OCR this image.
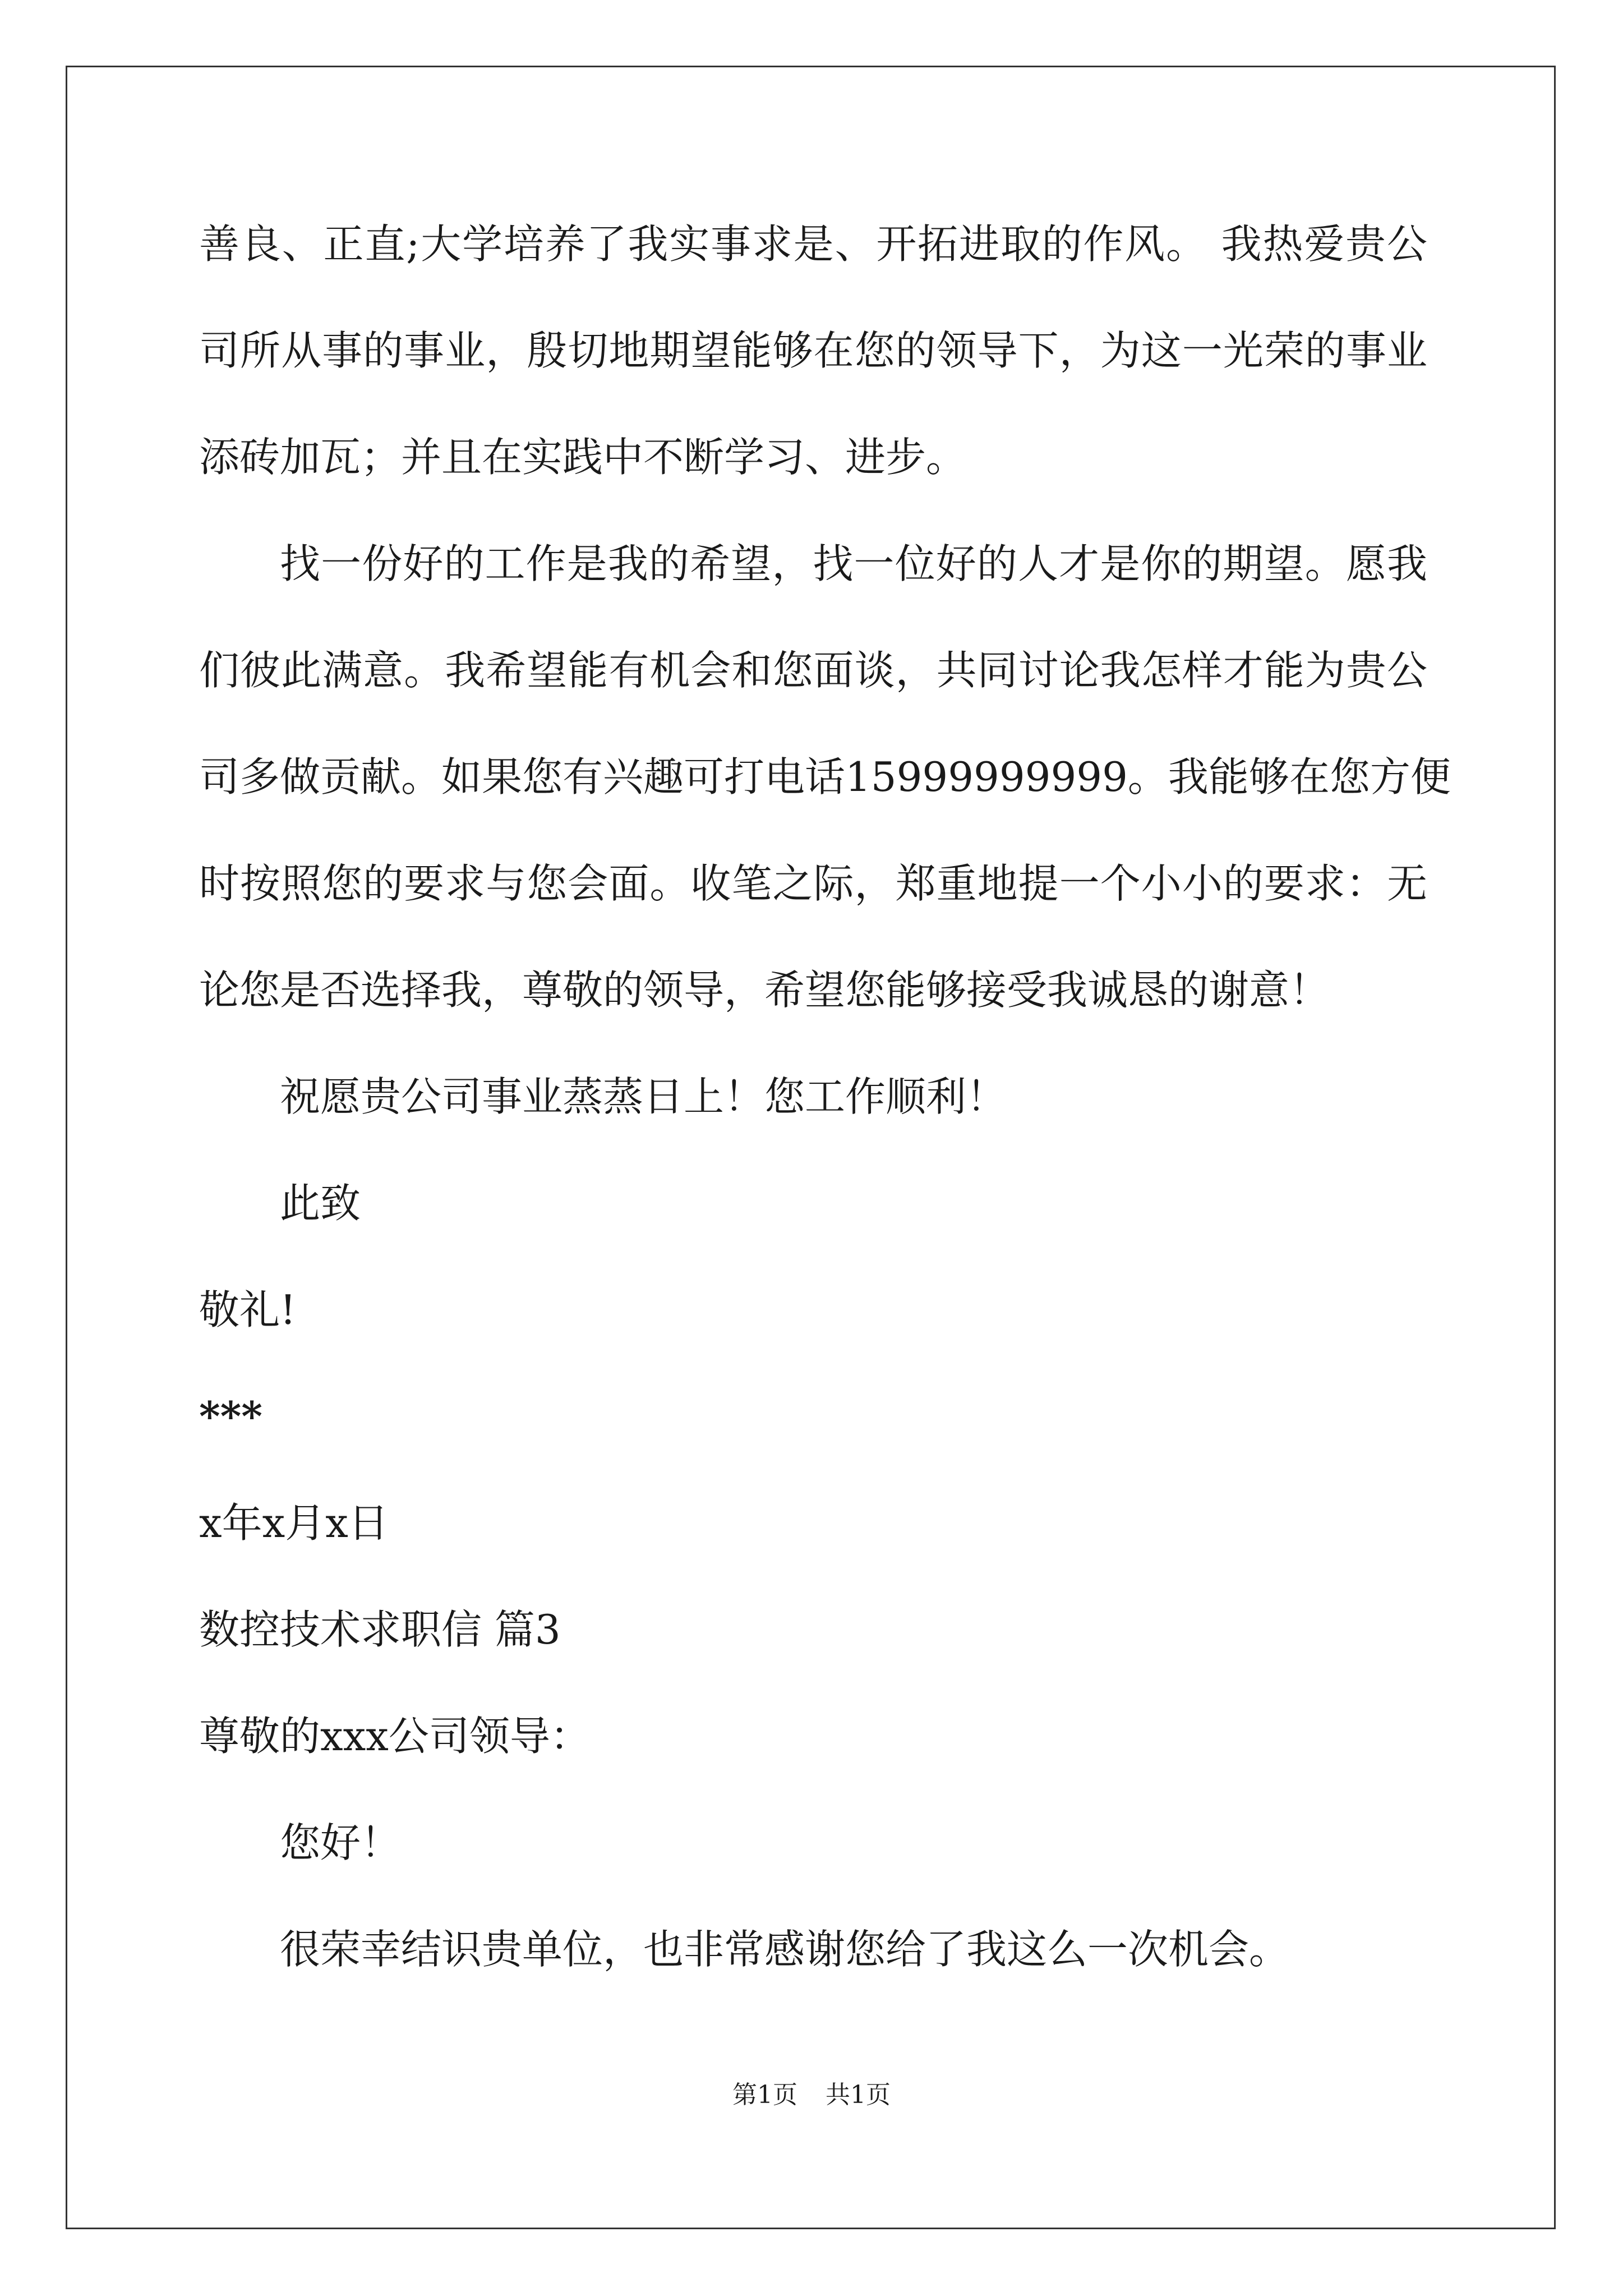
善良、正直;大学培养了我实事求是、开拓进取的作风。 我热爱贵公

司所从事的事业，殷切地期望能够在您的领导下，为这一光荣的事业

添砖加瓦；并且在实践中不断学习、进步。

找一份好的工作是我的希望，找一位好的人才是你的期望。愿我

们彼此满意。我希望能有机会和您面谈，共同讨论我怎样才能为贵公

司多做贡献。如果您有兴趣可打电话15999999999。我能够在您方便

时按照您的要求与您会面。收笔之际，郑重地提一个小小的要求：无

论您是否选择我，尊敬的领导，希望您能够接受我诚恳的谢意！

祝愿贵公司事业蒸蒸日上！您工作顺利！

此致

敬礼!

***

x年x月x日

数控技术求职信 篇3

尊敬的xxx公司领导：

您好！

很荣幸结识贵单位，也非常感谢您给了我这么一次机会。

第1页 共1页
